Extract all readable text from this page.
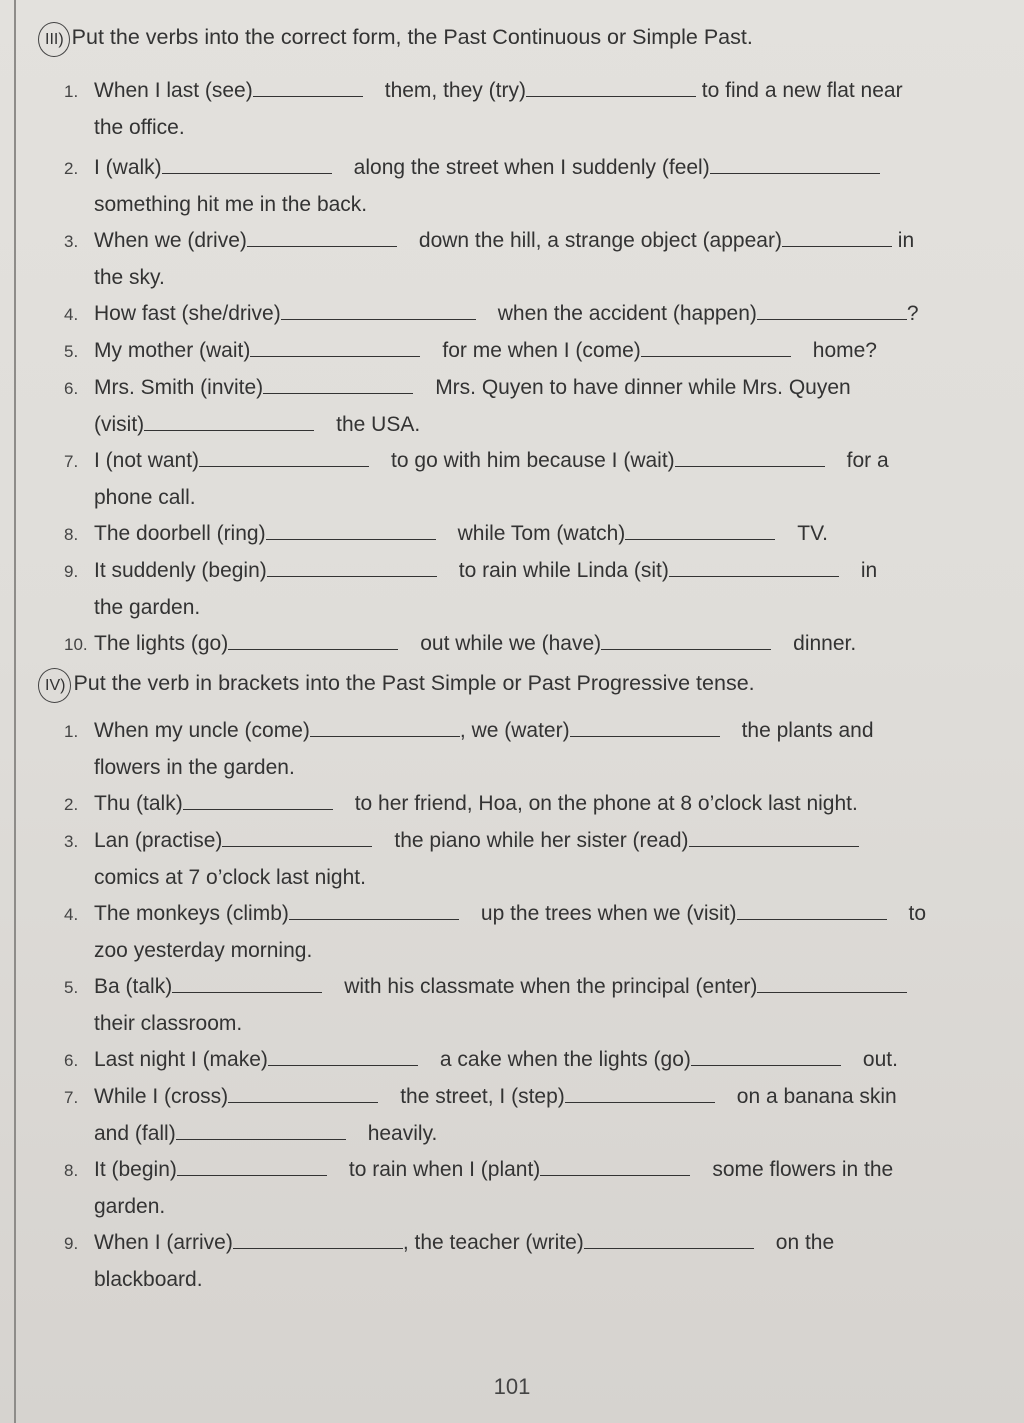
III) Put the verbs into the correct form, the Past Continuous or Simple Past.
1. When I last (see)	them, they (try)	to find a new flat near
the office.
2. I (walk)	along the street when I suddenly (feel)
something hit me in the back.
3. When we (drive)	down the hill, a strange object (appear)	in
the sky.
4. How fast (she/drive)	when the accident (happen)	?
5. My mother (wait)	for me when I (come)	home?
6. Mrs. Smith (invite)	Mrs. Quyen to have dinner while Mrs. Quyen
(visit)	the USA.
7. I (not want)	to go with him because I (wait)	for a
phone call.
8. The doorbell (ring)	while Tom (watch)	TV.
9. It suddenly (begin)	to rain while Linda (sit)	in
the garden.
10. The lights (go)	out while we (have)	dinner.
IV) Put the verb in brackets into the Past Simple or Past Progressive tense.
1. When my uncle (come)	, we (water)	the plants and
flowers in the garden.
2. Thu (talk)	to her friend, Hoa, on the phone at 8 o’clock last night.
3. Lan (practise)	the piano while her sister (read)
comics at 7 o’clock last night.
4. The monkeys (climb)	up the trees when we (visit)	to
zoo yesterday morning.
5. Ba (talk)	with his classmate when the principal (enter)
their classroom.
6. Last night I (make)	a cake when the lights (go)	out.
7. While I (cross)	the street, I (step)	on a banana skin
and (fall)	heavily.
8. It (begin)	to rain when I (plant)	some flowers in the
garden.
9. When I (arrive)	, the teacher (write)	on the
blackboard.
101
